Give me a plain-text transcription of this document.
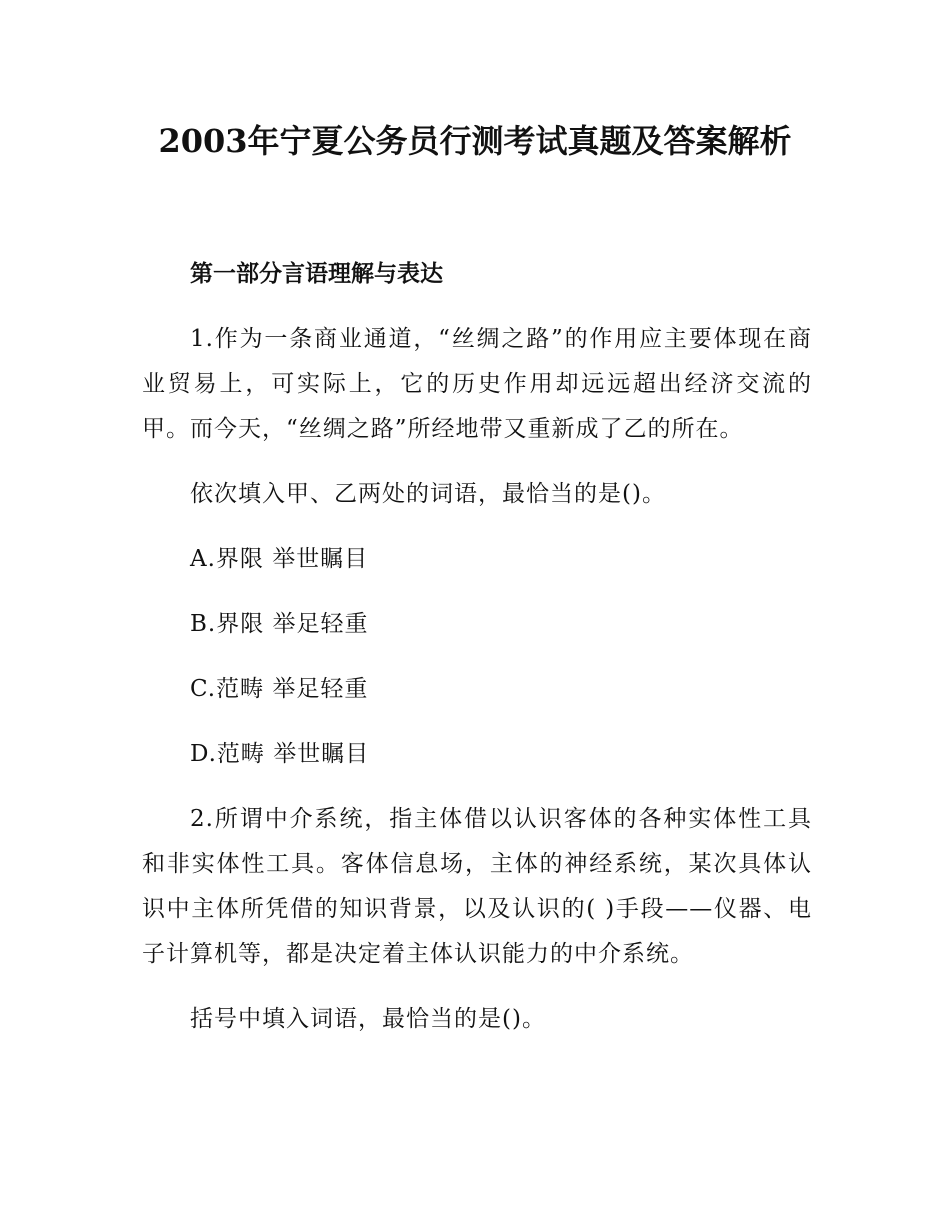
2003年宁夏公务员行测考试真题及答案解析

第一部分言语理解与表达

1.作为一条商业通道，“丝绸之路”的作用应主要体现在商业贸易上，可实际上，它的历史作用却远远超出经济交流的甲。而今天，“丝绸之路”所经地带又重新成了乙的所在。

依次填入甲、乙两处的词语，最恰当的是()。

A.界限 举世瞩目

B.界限 举足轻重

C.范畴 举足轻重

D.范畴 举世瞩目

2.所谓中介系统，指主体借以认识客体的各种实体性工具和非实体性工具。客体信息场，主体的神经系统，某次具体认识中主体所凭借的知识背景，以及认识的( )手段——仪器、电子计算机等，都是决定着主体认识能力的中介系统。

括号中填入词语，最恰当的是()。
